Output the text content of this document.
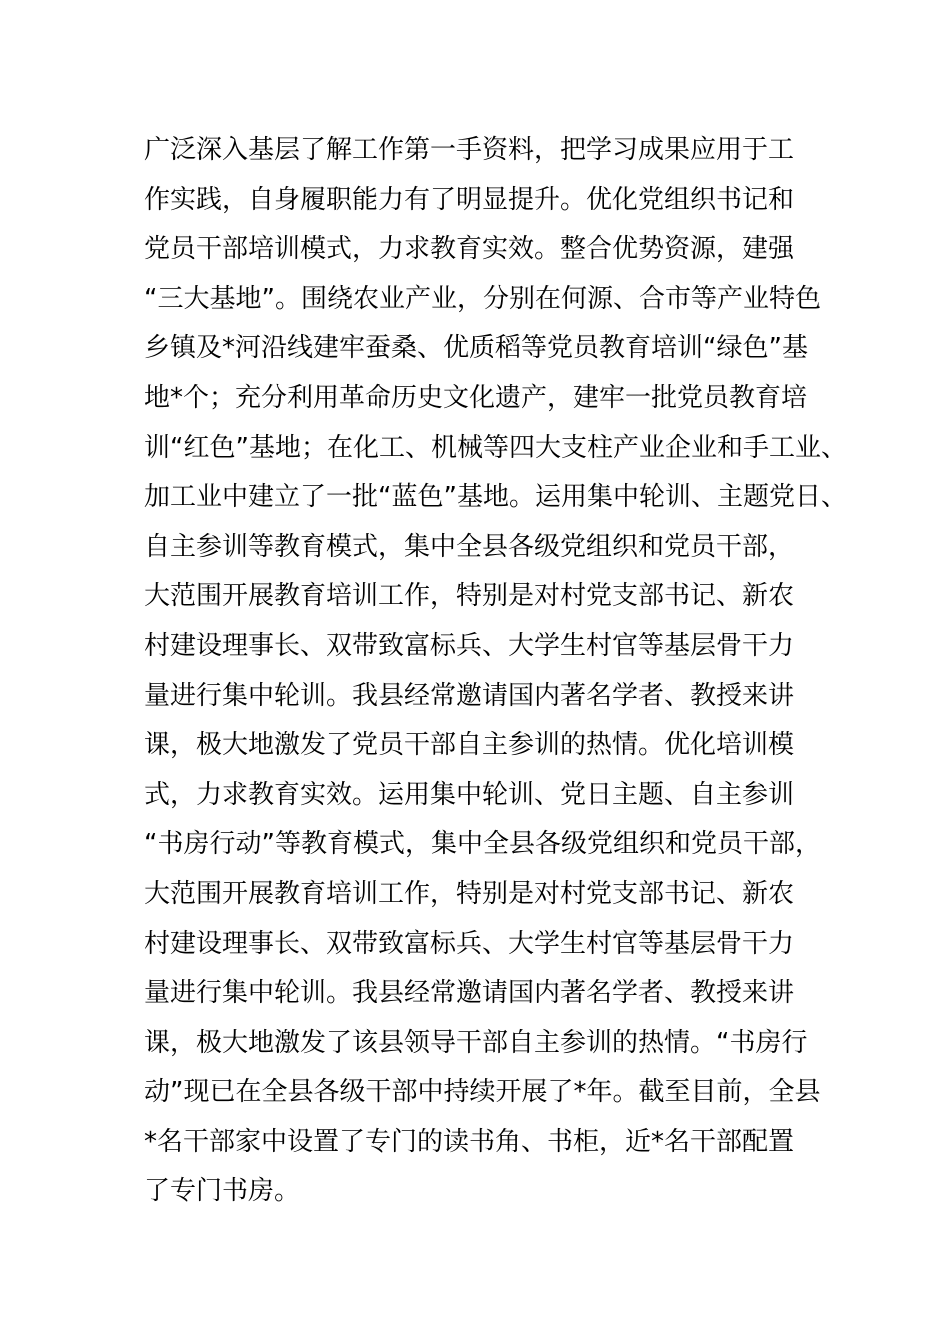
广泛深入基层了解工作第一手资料，把学习成果应用于工
作实践，自身履职能力有了明显提升。优化党组织书记和
党员干部培训模式，力求教育实效。整合优势资源，建强
“三大基地”。围绕农业产业，分别在何源、合市等产业特色
乡镇及*河沿线建牢蚕桑、优质稻等党员教育培训“绿色”基
地*个；充分利用革命历史文化遗产，建牢一批党员教育培
训“红色”基地；在化工、机械等四大支柱产业企业和手工业、
加工业中建立了一批“蓝色”基地。运用集中轮训、主题党日、
自主参训等教育模式，集中全县各级党组织和党员干部，
大范围开展教育培训工作，特别是对村党支部书记、新农
村建设理事长、双带致富标兵、大学生村官等基层骨干力
量进行集中轮训。我县经常邀请国内著名学者、教授来讲
课，极大地激发了党员干部自主参训的热情。优化培训模
式，力求教育实效。运用集中轮训、党日主题、自主参训
“书房行动”等教育模式，集中全县各级党组织和党员干部，
大范围开展教育培训工作，特别是对村党支部书记、新农
村建设理事长、双带致富标兵、大学生村官等基层骨干力
量进行集中轮训。我县经常邀请国内著名学者、教授来讲
课，极大地激发了该县领导干部自主参训的热情。“书房行
动”现已在全县各级干部中持续开展了*年。截至目前，全县
*名干部家中设置了专门的读书角、书柜，近*名干部配置
了专门书房。
